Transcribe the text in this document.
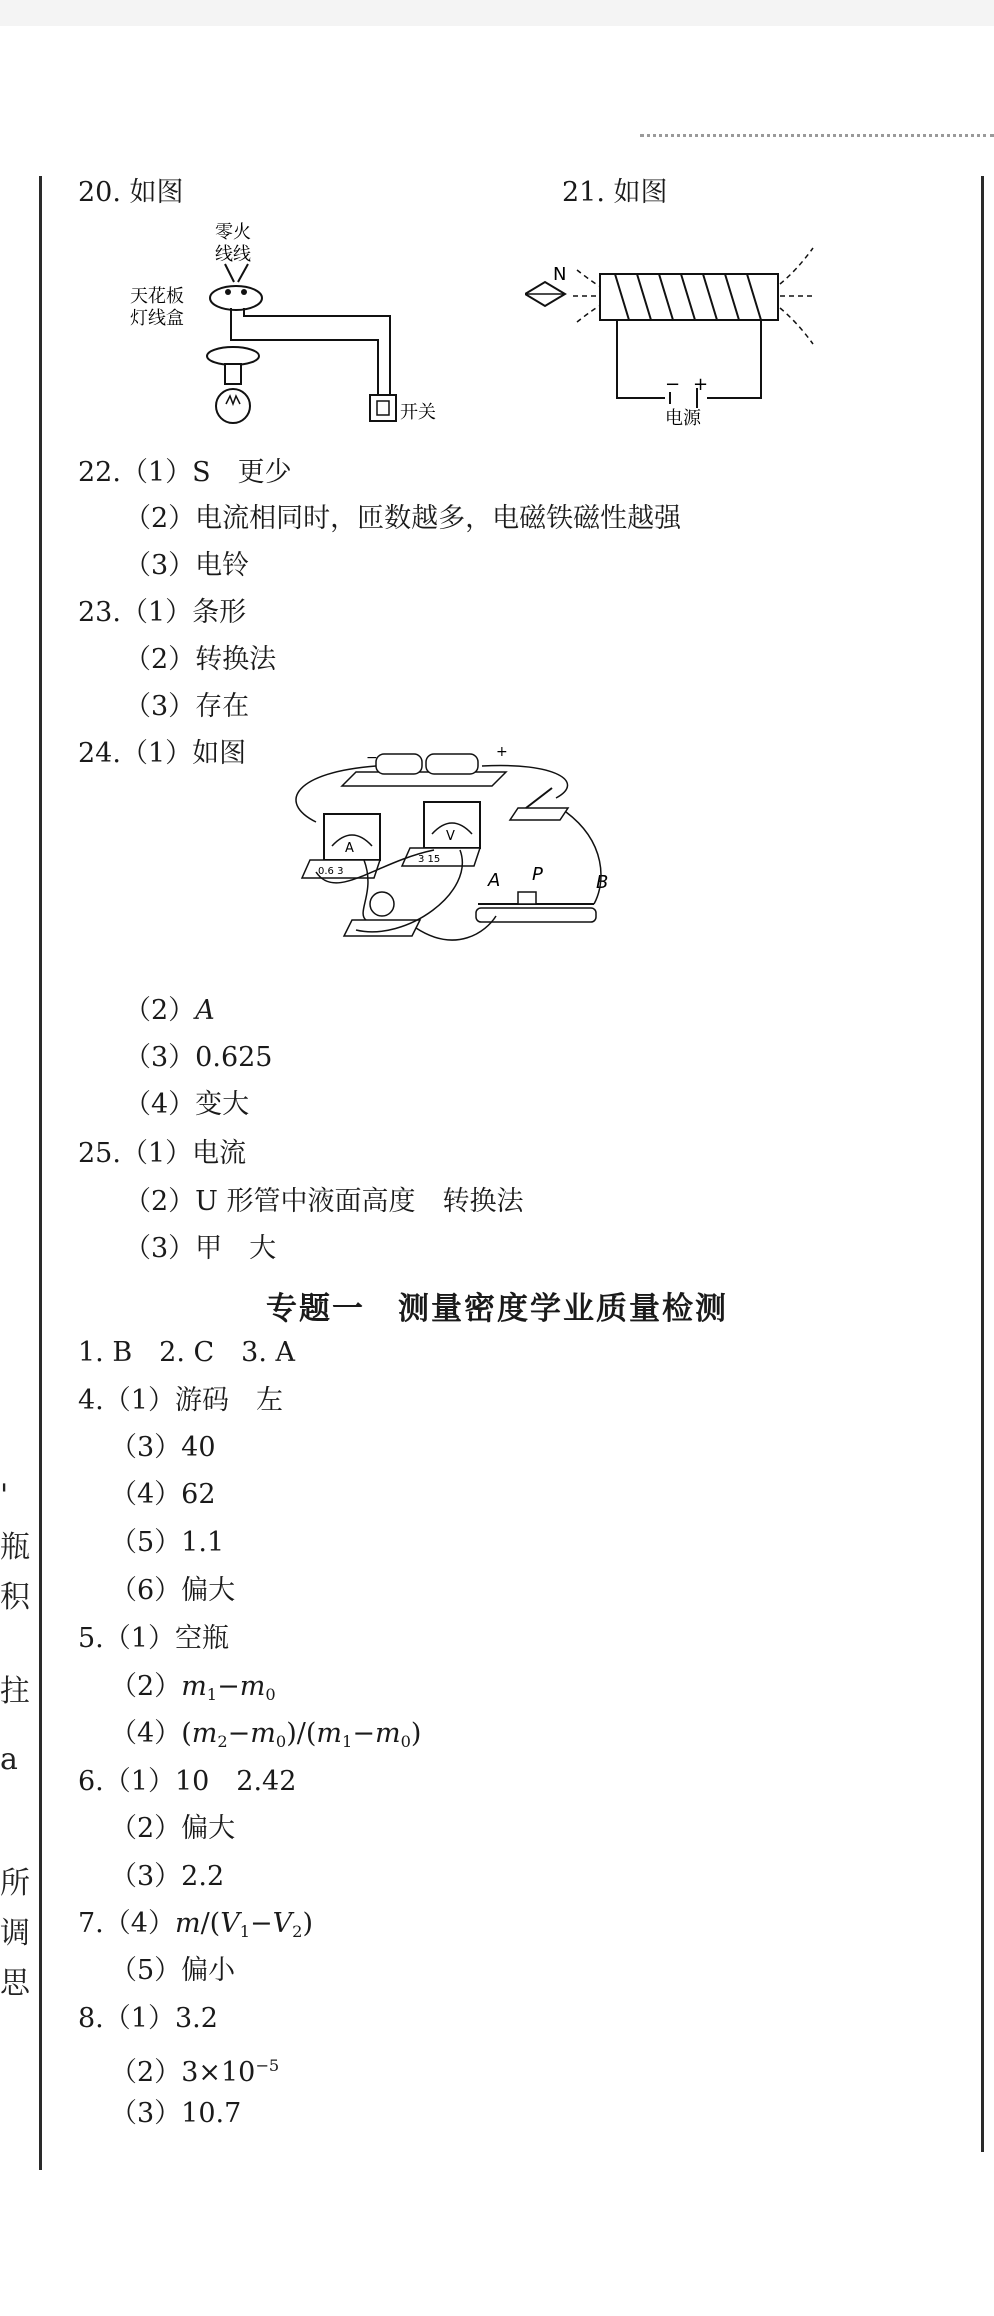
'
瓶
积
拄
a
所
调
思
20. 如图	21. 如图
零火
线线
天花板
灯线盒
开关
N
− +
电源
22.（1）S　更少
（2）电流相同时，匝数越多，电磁铁磁性越强
（3）电铃
23.（1）条形
（2）转换法
（3）存在
24.（1）如图	−	+
A
0.6 3
V
3 15
A P	B
（2）A
（3）0.625
（4）变大
25.（1）电流
（2）U 形管中液面高度　转换法
（3）甲　大
专题一　测量密度学业质量检测
1. B　2. C　3. A
4.（1）游码　左
（3）40
（4）62
（5）1.1
（6）偏大
5.（1）空瓶
$(2)m_1-m_0$
$(4)(m_2-m_0)/(m_1-m_0)$
6.（1）10　2.42
（2）偏大
（3）2.2
$7.(4)m/(V_1-V_2)$
（5）偏小
8.（1）3.2
$(2)3\times 10^{-5}$
（3）10.7
